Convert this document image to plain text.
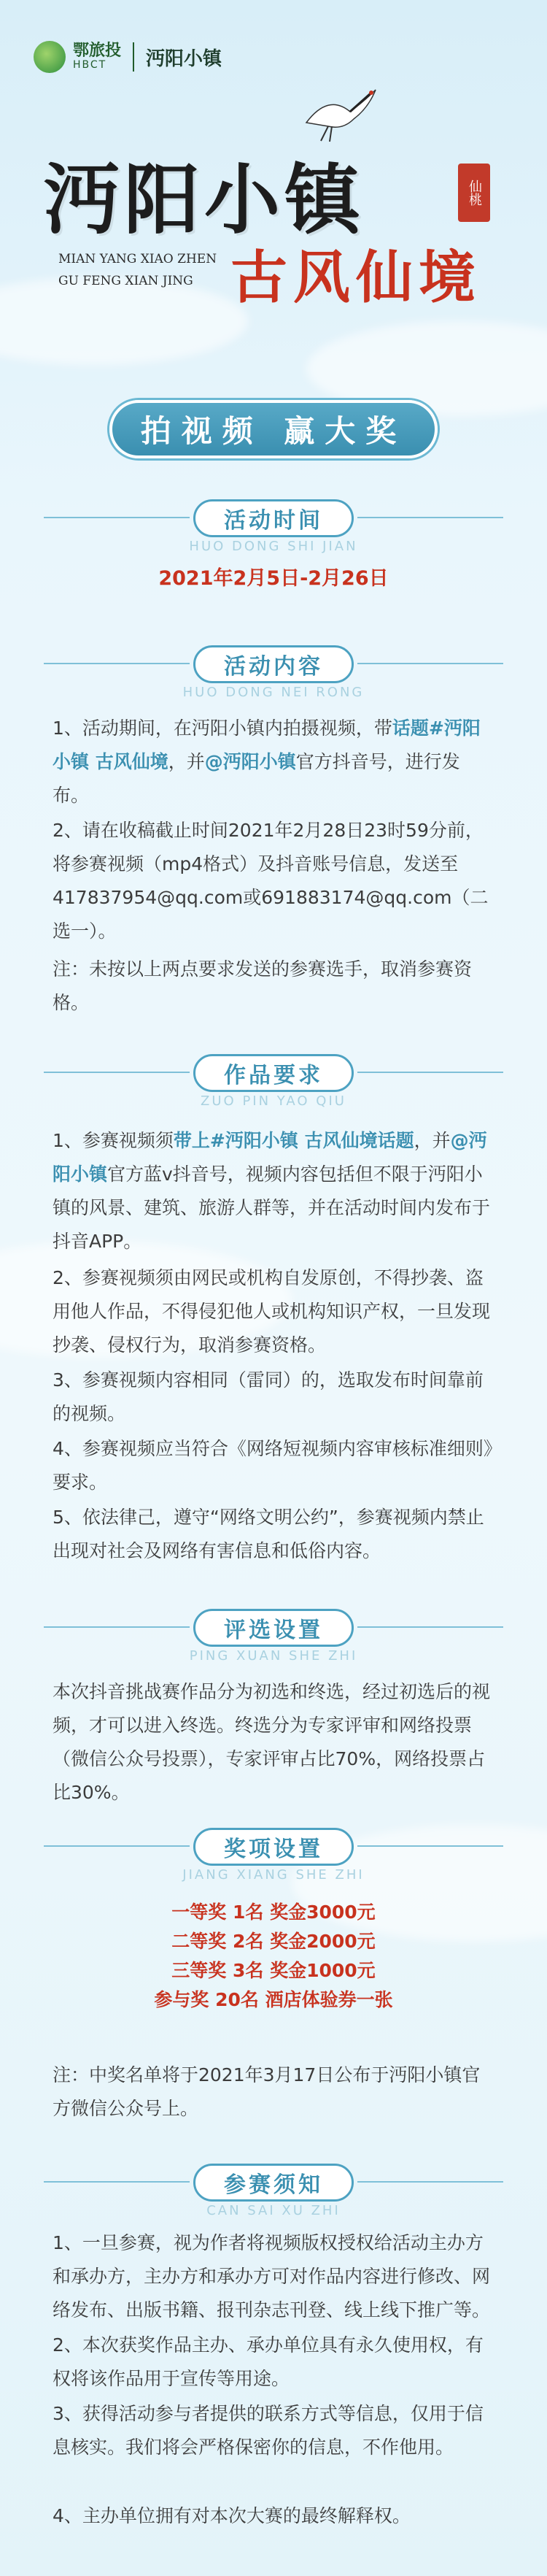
鄂旅投
HBCT	沔阳小镇
沔阳小镇	仙桃
MIAN YANG XIAO ZHEN
GU FENG XIAN JING 古风仙境
拍视频 赢大奖
活动时间
HUO DONG SHI JIAN
2021年2月5日-2月26日
活动内容
HUO DONG NEI RONG
1、活动期间，在沔阳小镇内拍摄视频，带话题#沔阳小镇 古风仙境，并@沔阳小镇官方抖音号，进行发布。
2、请在收稿截止时间2021年2月28日23时59分前，将参赛视频（mp4格式）及抖音账号信息，发送至417837954@qq.com或691883174@qq.com（二选一）。
注：未按以上两点要求发送的参赛选手，取消参赛资格。
作品要求
ZUO PIN YAO QIU
1、参赛视频须带上#沔阳小镇 古风仙境话题，并@沔阳小镇官方蓝v抖音号，视频内容包括但不限于沔阳小镇的风景、建筑、旅游人群等，并在活动时间内发布于抖音APP。
2、参赛视频须由网民或机构自发原创，不得抄袭、盗用他人作品，不得侵犯他人或机构知识产权，一旦发现抄袭、侵权行为，取消参赛资格。
3、参赛视频内容相同（雷同）的，选取发布时间靠前的视频。
4、参赛视频应当符合《网络短视频内容审核标准细则》要求。
5、依法律己，遵守“网络文明公约”，参赛视频内禁止出现对社会及网络有害信息和低俗内容。
评选设置
PING XUAN SHE ZHI
本次抖音挑战赛作品分为初选和终选，经过初选后的视频，才可以进入终选。终选分为专家评审和网络投票（微信公众号投票），专家评审占比70%，网络投票占比30%。
奖项设置
JIANG XIANG SHE ZHI
一等奖 1名 奖金3000元
二等奖 2名 奖金2000元
三等奖 3名 奖金1000元
参与奖 20名 酒店体验券一张
注：中奖名单将于2021年3月17日公布于沔阳小镇官方微信公众号上。
参赛须知
CAN SAI XU ZHI
1、一旦参赛，视为作者将视频版权授权给活动主办方和承办方，主办方和承办方可对作品内容进行修改、网络发布、出版书籍、报刊杂志刊登、线上线下推广等。
2、本次获奖作品主办、承办单位具有永久使用权，有权将该作品用于宣传等用途。
3、获得活动参与者提供的联系方式等信息，仅用于信息核实。我们将会严格保密你的信息，不作他用。
4、主办单位拥有对本次大赛的最终解释权。
